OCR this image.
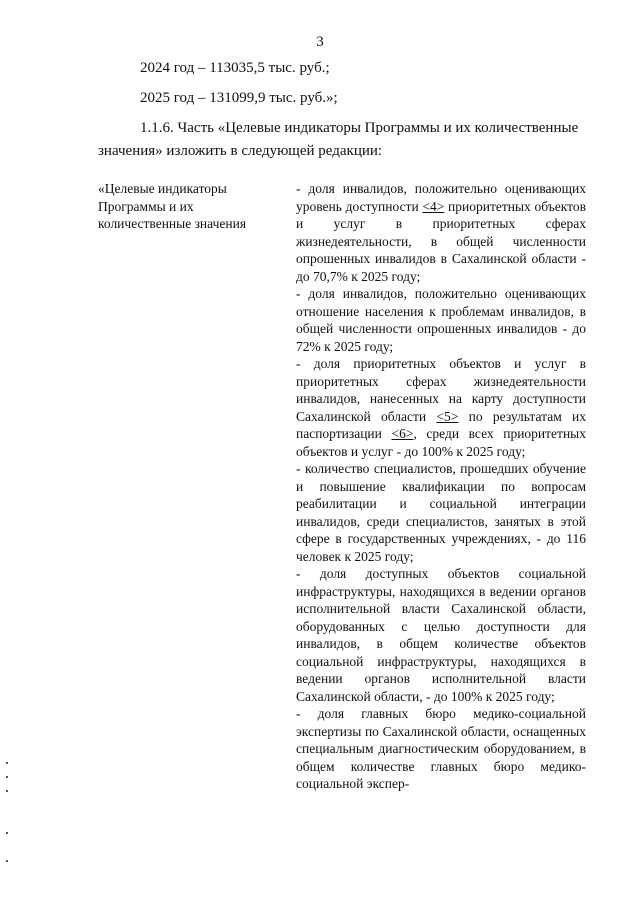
3
2024 год – 113035,5 тыс. руб.;
2025 год – 131099,9 тыс. руб.»;
1.1.6. Часть «Целевые индикаторы Программы и их количественные
значения» изложить в следующей редакции:
«Целевые индикаторы Программы и их количественные значения

- доля инвалидов, положительно оценивающих уровень доступности <4> приоритетных объектов и услуг в приоритетных сферах жизнедеятельности, в общей численности опрошенных инвалидов в Сахалинской области - до 70,7% к 2025 году;

- доля инвалидов, положительно оценивающих отношение населения к проблемам инвалидов, в общей численности опрошенных инвалидов - до 72% к 2025 году;

- доля приоритетных объектов и услуг в приоритетных сферах жизнедеятельности инвалидов, нанесенных на карту доступности Сахалинской области <5> по результатам их паспортизации <6>, среди всех приоритетных объектов и услуг - до 100% к 2025 году;

- количество специалистов, прошедших обучение и повышение квалификации по вопросам реабилитации и социальной интеграции инвалидов, среди специалистов, занятых в этой сфере в государственных учреждениях, - до 116 человек к 2025 году;

- доля доступных объектов социальной инфраструктуры, находящихся в ведении органов исполнительной власти Сахалинской области, оборудованных с целью доступности для инвалидов, в общем количестве объектов социальной инфраструктуры, находящихся в ведении органов исполнительной власти Сахалинской области, - до 100% к 2025 году;

- доля главных бюро медико-социальной экспертизы по Сахалинской области, оснащенных специальным диагностическим оборудованием, в общем количестве главных бюро медико-социальной экспер-
